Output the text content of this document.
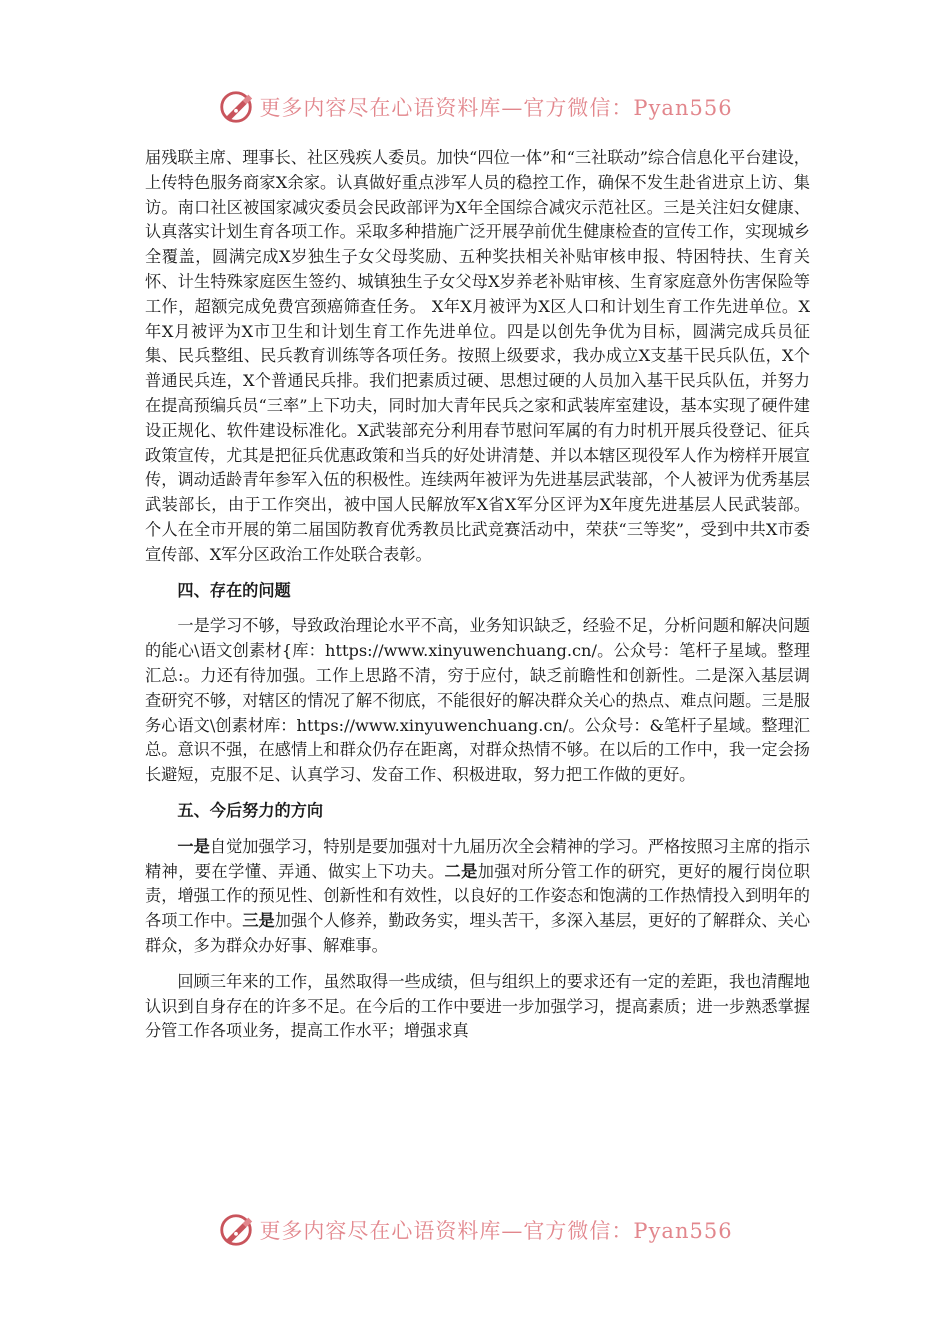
更多内容尽在心语资料库—官方微信：Pyan556

届残联主席、理事长、社区残疾人委员。加快“四位一体”和“三社联动”综合信息化平台建设，上传特色服务商家X余家。认真做好重点涉军人员的稳控工作，确保不发生赴省进京上访、集访。南口社区被国家减灾委员会民政部评为X年全国综合减灾示范社区。三是关注妇女健康、认真落实计划生育各项工作。采取多种措施广泛开展孕前优生健康检查的宣传工作，实现城乡全覆盖，圆满完成X岁独生子女父母奖励、五种奖扶相关补贴审核申报、特困特扶、生育关怀、计生特殊家庭医生签约、城镇独生子女父母X岁养老补贴审核、生育家庭意外伤害保险等工作，超额完成免费宫颈癌筛查任务。 X年X月被评为X区人口和计划生育工作先进单位。X年X月被评为X市卫生和计划生育工作先进单位。四是以创先争优为目标，圆满完成兵员征集、民兵整组、民兵教育训练等各项任务。按照上级要求，我办成立X支基干民兵队伍，X个普通民兵连，X个普通民兵排。我们把素质过硬、思想过硬的人员加入基干民兵队伍，并努力在提高预编兵员“三率”上下功夫，同时加大青年民兵之家和武装库室建设，基本实现了硬件建设正规化、软件建设标准化。X武装部充分利用春节慰问军属的有力时机开展兵役登记、征兵政策宣传，尤其是把征兵优惠政策和当兵的好处讲清楚、并以本辖区现役军人作为榜样开展宣传，调动适龄青年参军入伍的积极性。连续两年被评为先进基层武装部，个人被评为优秀基层武装部长，由于工作突出，被中国人民解放军X省X军分区评为X年度先进基层人民武装部。个人在全市开展的第二届国防教育优秀教员比武竞赛活动中，荣获“三等奖”，受到中共X市委宣传部、X军分区政治工作处联合表彰。

四、存在的问题

一是学习不够，导致政治理论水平不高，业务知识缺乏，经验不足，分析问题和解决问题的能心\语文创素材{库：https://www.xinyuwenchuang.cn/。公众号：笔杆子星域。整理汇总:。力还有待加强。工作上思路不清，穷于应付，缺乏前瞻性和创新性。二是深入基层调查研究不够，对辖区的情况了解不彻底，不能很好的解决群众关心的热点、难点问题。三是服务心语文\创素材库：https://www.xinyuwenchuang.cn/。公众号：&笔杆子星域。整理汇总。意识不强，在感情上和群众仍存在距离，对群众热情不够。在以后的工作中，我一定会扬长避短，克服不足、认真学习、发奋工作、积极进取，努力把工作做的更好。

五、今后努力的方向

一是自觉加强学习，特别是要加强对十九届历次全会精神的学习。严格按照习主席的指示精神，要在学懂、弄通、做实上下功夫。二是加强对所分管工作的研究，更好的履行岗位职责，增强工作的预见性、创新性和有效性，以良好的工作姿态和饱满的工作热情投入到明年的各项工作中。三是加强个人修养，勤政务实，埋头苦干，多深入基层，更好的了解群众、关心群众，多为群众办好事、解难事。

回顾三年来的工作，虽然取得一些成绩，但与组织上的要求还有一定的差距，我也清醒地认识到自身存在的许多不足。在今后的工作中要进一步加强学习，提高素质；进一步熟悉掌握分管工作各项业务，提高工作水平；增强求真

更多内容尽在心语资料库—官方微信：Pyan556
